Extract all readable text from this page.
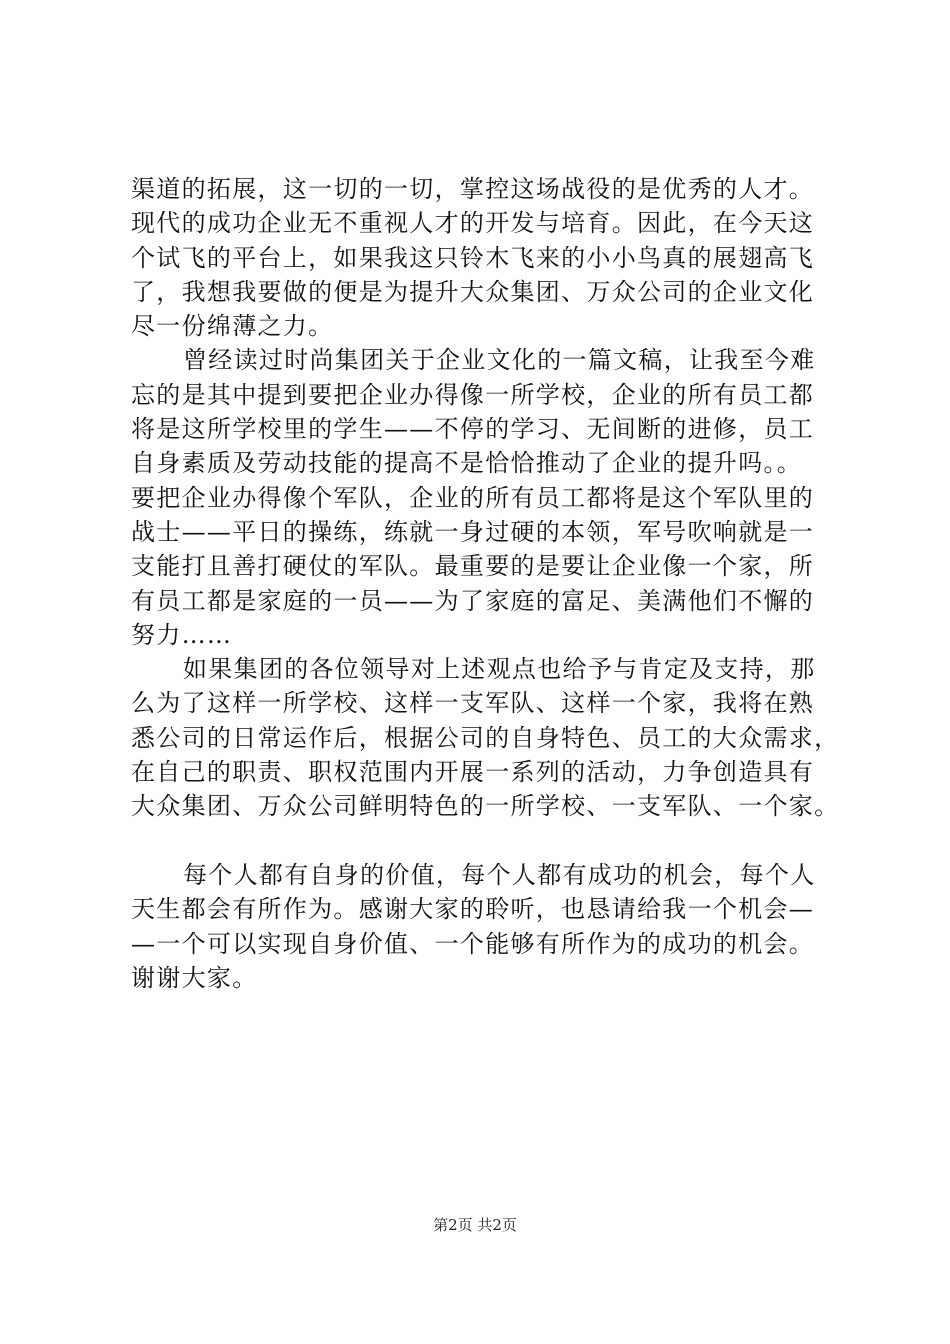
渠道的拓展，这一切的一切，掌控这场战役的是优秀的人才。
现代的成功企业无不重视人才的开发与培育。因此，在今天这
个试飞的平台上，如果我这只铃木飞来的小小鸟真的展翅高飞
了，我想我要做的便是为提升大众集团、万众公司的企业文化
尽一份绵薄之力。
曾经读过时尚集团关于企业文化的一篇文稿，让我至今难
忘的是其中提到要把企业办得像一所学校，企业的所有员工都
将是这所学校里的学生——不停的学习、无间断的进修，员工
自身素质及劳动技能的提高不是恰恰推动了企业的提升吗。。
要把企业办得像个军队，企业的所有员工都将是这个军队里的
战士——平日的操练，练就一身过硬的本领，军号吹响就是一
支能打且善打硬仗的军队。最重要的是要让企业像一个家，所
有员工都是家庭的一员——为了家庭的富足、美满他们不懈的
努力……
如果集团的各位领导对上述观点也给予与肯定及支持，那
么为了这样一所学校、这样一支军队、这样一个家，我将在熟
悉公司的日常运作后，根据公司的自身特色、员工的大众需求，
在自己的职责、职权范围内开展一系列的活动，力争创造具有
大众集团、万众公司鲜明特色的一所学校、一支军队、一个家。
每个人都有自身的价值，每个人都有成功的机会，每个人
天生都会有所作为。感谢大家的聆听，也恳请给我一个机会—
—一个可以实现自身价值、一个能够有所作为的成功的机会。
谢谢大家。
第2页 共2页
